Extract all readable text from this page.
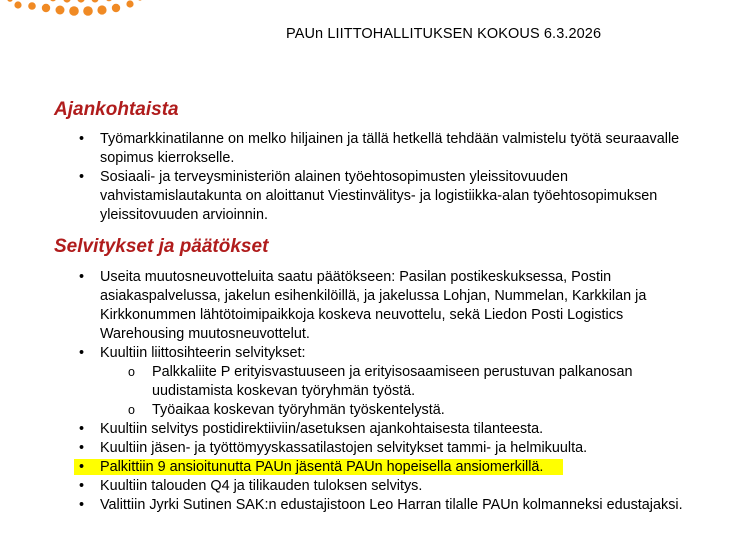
PAUn LIITTOHALLITUKSEN KOKOUS 6.3.2026
Ajankohtaista
• Työmarkkinatilanne on melko hiljainen ja tällä hetkellä tehdään valmistelu työtä seuraavalle sopimus kierrokselle.
• Sosiaali- ja terveysministeriön alainen työehtosopimusten yleissitovuuden vahvistamislautakunta on aloittanut Viestinvälitys- ja logistiikka-alan työehtosopimuksen yleissitovuuden arvioinnin.
Selvitykset ja päätökset
• Useita muutosneuvotteluita saatu päätökseen: Pasilan postikeskuksessa, Postin asiakaspalvelussa, jakelun esihenkilöillä, ja jakelussa Lohjan, Nummelan, Karkkilan ja Kirkkonummen lähtötoimipaikkoja koskeva neuvottelu, sekä Liedon Posti Logistics Warehousing muutosneuvottelut.
• Kuultiin liittosihteerin selvitykset:
o Palkkaliite P erityisvastuuseen ja erityisosaamiseen perustuvan palkanosan uudistamista koskevan työryhmän työstä.
o Työaikaa koskevan työryhmän työskentelystä.
• Kuultiin selvitys postidirektiiviin/asetuksen ajankohtaisesta tilanteesta.
• Kuultiin jäsen- ja työttömyyskassatilastojen selvitykset tammi- ja helmikuulta.
• Palkittiin 9 ansioitunutta PAUn jäsentä PAUn hopeisella ansiomerkillä.
• Kuultiin talouden Q4 ja tilikauden tuloksen selvitys.
• Valittiin Jyrki Sutinen SAK:n edustajistoon Leo Harran tilalle PAUn kolmanneksi edustajaksi.
